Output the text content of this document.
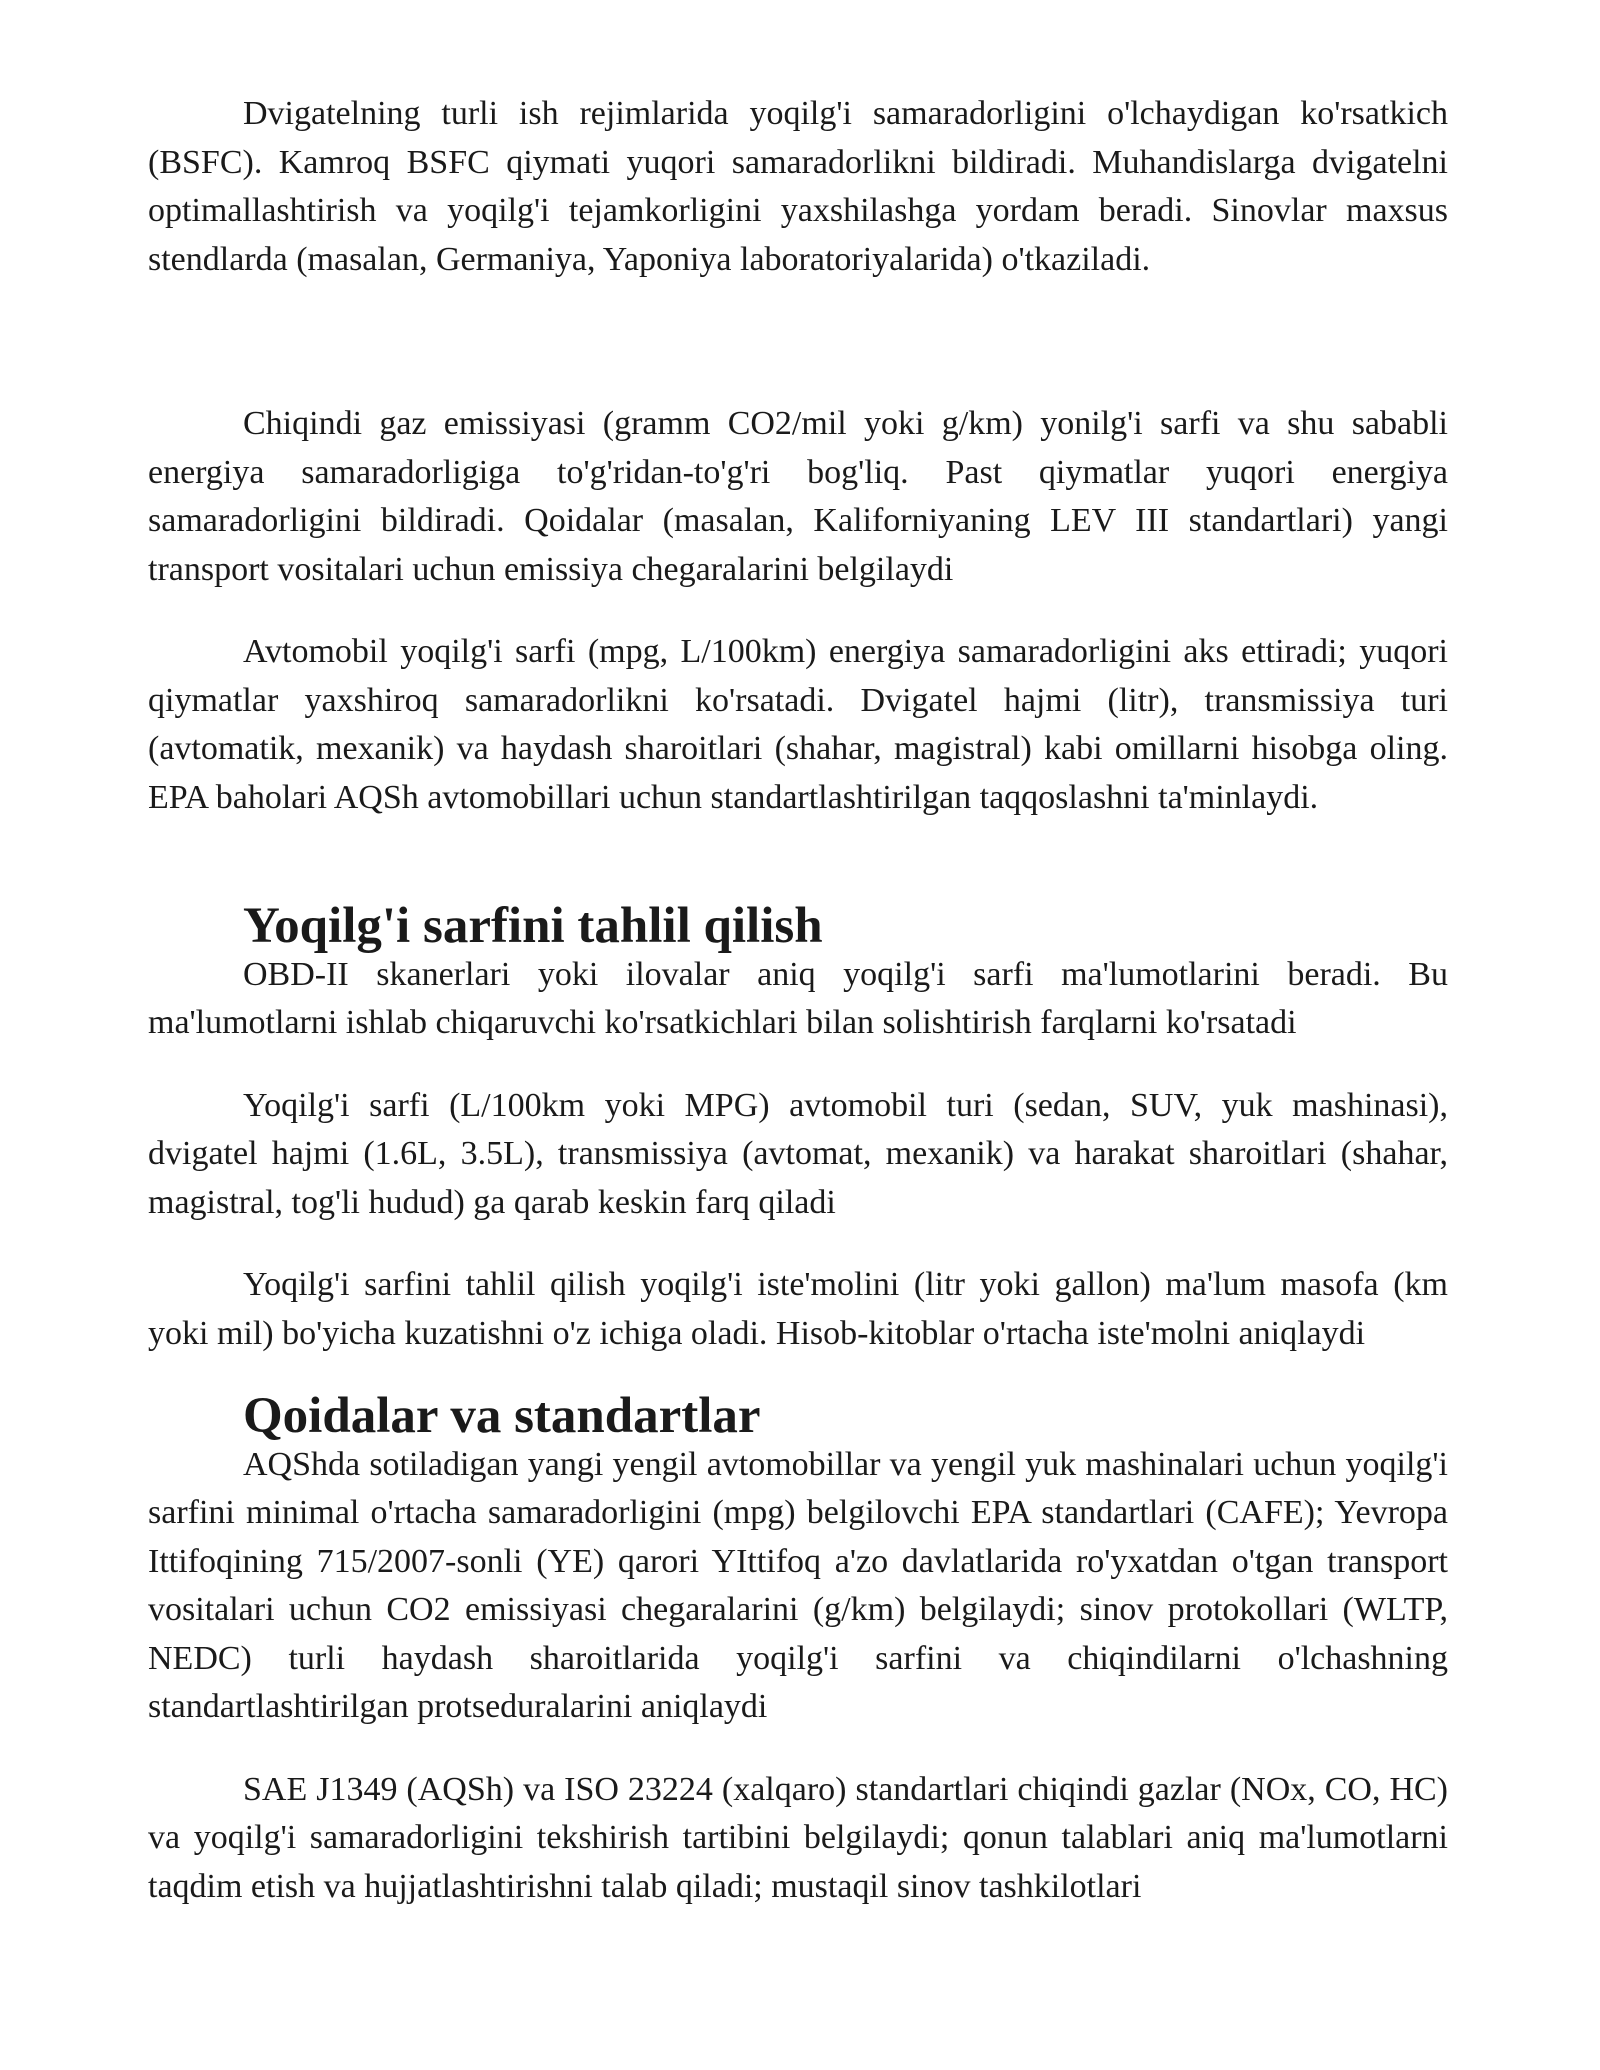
Dvigatelning turli ish rejimlarida yoqilg'i samaradorligini o'lchaydigan ko'rsatkich (BSFC). Kamroq BSFC qiymati yuqori samaradorlikni bildiradi. Muhandislarga dvigatelni optimallashtirish va yoqilg'i tejamkorligini yaxshilashga yordam beradi. Sinovlar maxsus stendlarda (masalan, Germaniya, Yaponiya laboratoriyalarida) o'tkaziladi.

Chiqindi gaz emissiyasi (gramm CO2/mil yoki g/km) yonilg'i sarfi va shu sababli energiya samaradorligiga to'g'ridan-to'g'ri bog'liq. Past qiymatlar yuqori energiya samaradorligini bildiradi. Qoidalar (masalan, Kaliforniyaning LEV III standartlari) yangi transport vositalari uchun emissiya chegaralarini belgilaydi

Avtomobil yoqilg'i sarfi (mpg, L/100km) energiya samaradorligini aks ettiradi; yuqori qiymatlar yaxshiroq samaradorlikni ko'rsatadi. Dvigatel hajmi (litr), transmissiya turi (avtomatik, mexanik) va haydash sharoitlari (shahar, magistral) kabi omillarni hisobga oling. EPA baholari AQSh avtomobillari uchun standartlashtirilgan taqqoslashni ta'minlaydi.

Yoqilg'i sarfini tahlil qilish

OBD-II skanerlari yoki ilovalar aniq yoqilg'i sarfi ma'lumotlarini beradi. Bu ma'lumotlarni ishlab chiqaruvchi ko'rsatkichlari bilan solishtirish farqlarni ko'rsatadi

Yoqilg'i sarfi (L/100km yoki MPG) avtomobil turi (sedan, SUV, yuk mashinasi), dvigatel hajmi (1.6L, 3.5L), transmissiya (avtomat, mexanik) va harakat sharoitlari (shahar, magistral, tog'li hudud) ga qarab keskin farq qiladi

Yoqilg'i sarfini tahlil qilish yoqilg'i iste'molini (litr yoki gallon) ma'lum masofa (km yoki mil) bo'yicha kuzatishni o'z ichiga oladi. Hisob-kitoblar o'rtacha iste'molni aniqlaydi

Qoidalar va standartlar

AQShda sotiladigan yangi yengil avtomobillar va yengil yuk mashinalari uchun yoqilg'i sarfini minimal o'rtacha samaradorligini (mpg) belgilovchi EPA standartlari (CAFE); Yevropa Ittifoqining 715/2007-sonli (YE) qarori YIttifoq a'zo davlatlarida ro'yxatdan o'tgan transport vositalari uchun CO2 emissiyasi chegaralarini (g/km) belgilaydi; sinov protokollari (WLTP, NEDC) turli haydash sharoitlarida yoqilg'i sarfini va chiqindilarni o'lchashning standartlashtirilgan protseduralarini aniqlaydi

SAE J1349 (AQSh) va ISO 23224 (xalqaro) standartlari chiqindi gazlar (NOx, CO, HC) va yoqilg'i samaradorligini tekshirish tartibini belgilaydi; qonun talablari aniq ma'lumotlarni taqdim etish va hujjatlashtirishni talab qiladi; mustaqil sinov tashkilotlari
